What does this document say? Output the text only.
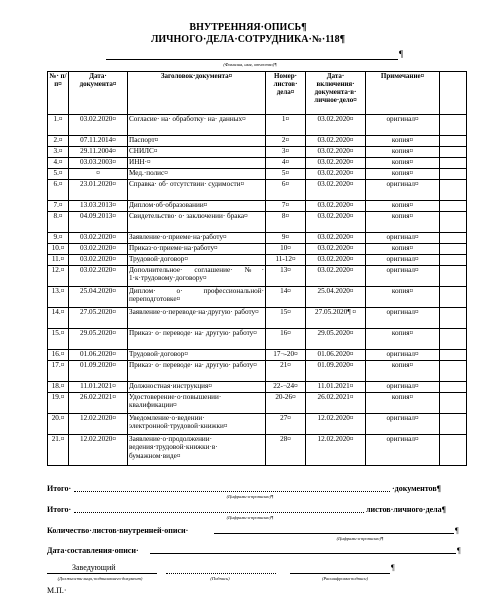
ВНУТРЕННЯЯ·ОПИСЬ¶
ЛИЧНОГО·ДЕЛА·СОТРУДНИКА·№·118¶
¶
(Фамилия, имя, отчество)¶
№· п/п¤	Дата· документа¤	Заголовок·документа¤	Номер· листов· дела¤	Дата· включения· документа·в· личное·дело¤	Примечание¤	
1.¤	03.02.2020¤	Согласие· на· обработку· на· данных¤	1¤	03.02.2020¤	оригинал¤	
2.¤	07.11.2014¤	Паспорт¤	2¤	03.02.2020¤	копия¤	
3.¤	29.11.2004¤	СНИЛС¤	3¤	03.02.2020¤	копия¤	
4.¤	03.03.2003¤	ИНН·¤	4¤	03.02.2020¤	копия¤	
5.¤	¤	Мед.·полис¤	5¤	03.02.2020¤	копия¤	
6.¤	23.01.2020¤	Справка· об· отсутствии· судимости¤	6¤	03.02.2020¤	оригинал¤	
7.¤	13.03.2013¤	Диплом·об·образовании¤	7¤	03.02.2020¤	копия¤	
8.¤	04.09.2013¤	Свидетельство· о· заключении· брака¤	8¤	03.02.2020¤	копия¤	
9.¤	03.02.2020¤	Заявление·о·приеме·на·работу¤	9¤	03.02.2020¤	оригинал¤	
10.¤	03.02.2020¤	Приказ·о·приеме·на·работу¤	10¤	03.02.2020¤	копия¤	
11.¤	03.02.2020¤	Трудовой·договор¤	11-12¤	03.02.2020¤	оригинал¤	
12.¤	03.02.2020¤	Дополнительное· соглашение· №· 1·к·трудовому·договору¤	13¤	03.02.2020¤	оригинал¤	
13.¤	25.04.2020¤	Диплом· о· профессиональной· переподготовке¤	14¤	25.04.2020¤	копия¤	
14.¤	27.05.2020¤	Заявление·о·переводе·на·другую· работу¤	15¤	27.05.2020¶ ¤	оригинал¤	
15.¤	29.05.2020¤	Приказ· о· переводе· на· другую· работу¤	16¤	29.05.2020¤	копия¤	
16.¤	01.06.2020¤	Трудовой·договор¤	17¬-20¤	01.06.2020¤	оригинал¤	
17.¤	01.09.2020¤	Приказ· о· переводе· на· другую· работу¤	21¤	01.09.2020¤	копия¤	
18.¤	11.01.2021¤	Должностная·инструкция¤	22-¬24¤	11.01.2021¤	оригинал¤	
19.¤	26.02.2021¤	Удостоверение·о·повышении· квалификации¤	20-26¤	26.02.2021¤	копия¤	
20.¤	12.02.2020¤	Уведомление·о·ведении· электронной·трудовой·книжки¤	27¤	12.02.2020¤	оригинал¤	
21.¤	12.02.2020¤	Заявление·о·продолжении· ведения·трудовой·книжки·в· бумажном·виде¤	28¤	12.02.2020¤	оригинал¤	
Итого·	·документов¶
(Цифрами·и·прописью)¶
Итого·	листов·личного·дела¶
(Цифрами·и·прописью)¶
Количество·листов·внутренней·описи·	¶
(Цифрами·и·прописью)¶
Дата·составления·описи·	¶
Заведующий	¶
(Должность·лица,·подписавшего·документ)	(Подпись)	(Расшифровка·подписи)
М.П.·
